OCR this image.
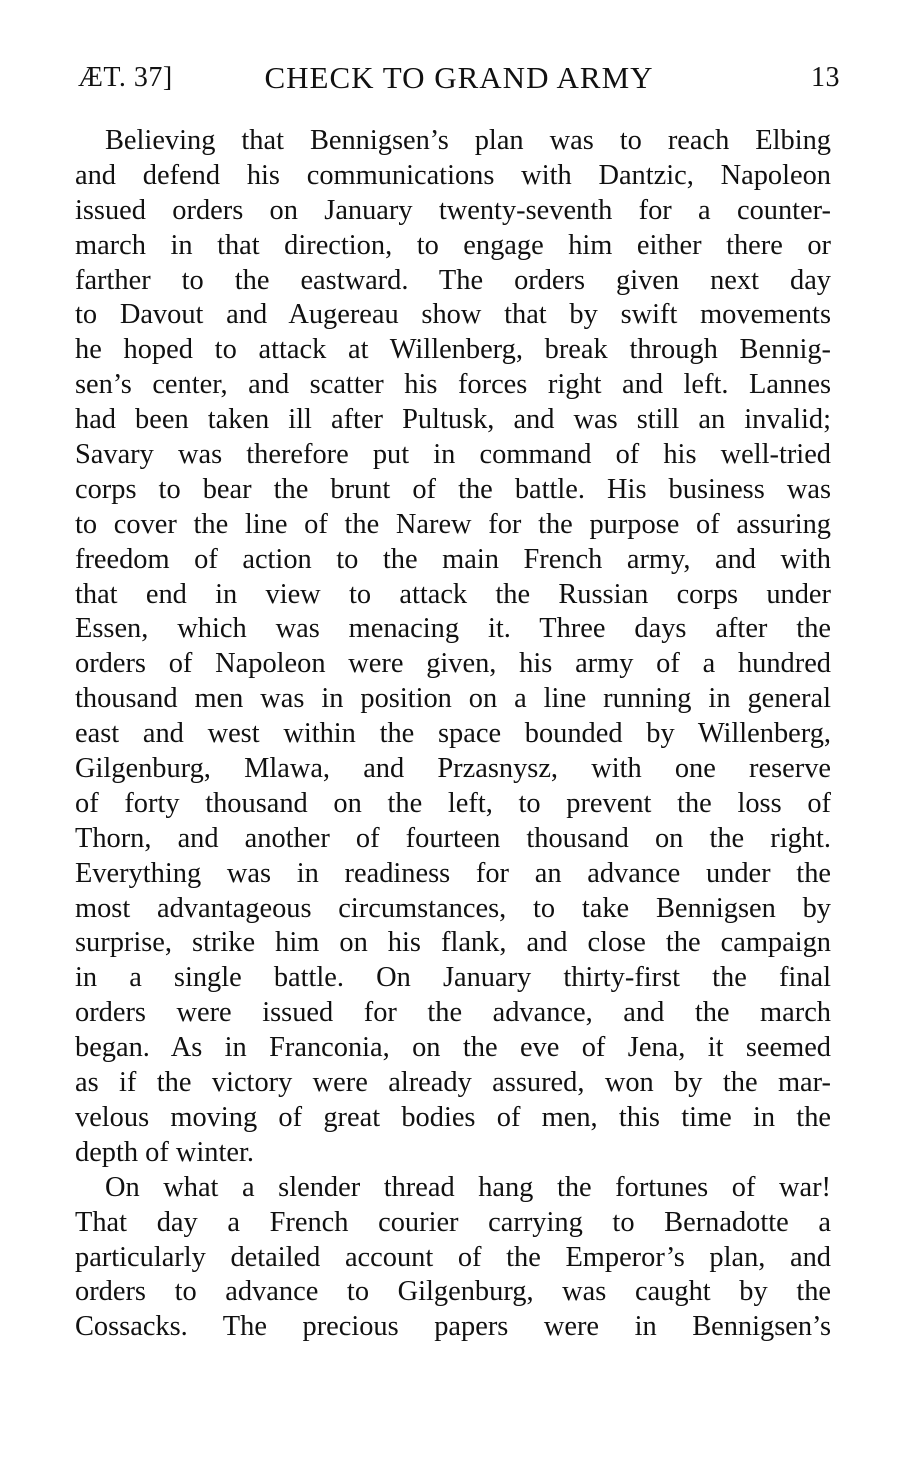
ÆT. 37]	CHECK TO GRAND ARMY	13
Believing that Bennigsen’s plan was to reach Elbing
and defend his communications with Dantzic, Napoleon
issued orders on January twenty-seventh for a counter-
march in that direction, to engage him either there or
farther to the eastward. The orders given next day
to Davout and Augereau show that by swift movements
he hoped to attack at Willenberg, break through Bennig-
sen’s center, and scatter his forces right and left. Lannes
had been taken ill after Pultusk, and was still an invalid;
Savary was therefore put in command of his well-tried
corps to bear the brunt of the battle. His business was
to cover the line of the Narew for the purpose of assuring
freedom of action to the main French army, and with
that end in view to attack the Russian corps under
Essen, which was menacing it. Three days after the
orders of Napoleon were given, his army of a hundred
thousand men was in position on a line running in general
east and west within the space bounded by Willenberg,
Gilgenburg, Mlawa, and Przasnysz, with one reserve
of forty thousand on the left, to prevent the loss of
Thorn, and another of fourteen thousand on the right.
Everything was in readiness for an advance under the
most advantageous circumstances, to take Bennigsen by
surprise, strike him on his flank, and close the campaign
in a single battle. On January thirty-first the final
orders were issued for the advance, and the march
began. As in Franconia, on the eve of Jena, it seemed
as if the victory were already assured, won by the mar-
velous moving of great bodies of men, this time in the
depth of winter.
On what a slender thread hang the fortunes of war!
That day a French courier carrying to Bernadotte a
particularly detailed account of the Emperor’s plan, and
orders to advance to Gilgenburg, was caught by the
Cossacks. The precious papers were in Bennigsen’s
